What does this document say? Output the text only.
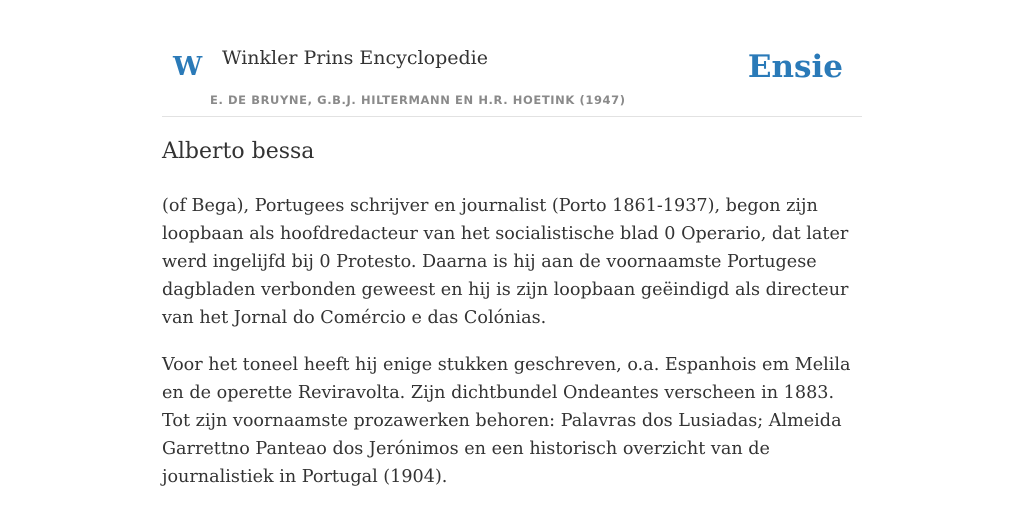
W Winkler Prins Encyclopedie
E. DE BRUYNE, G.B.J. HILTERMANN EN H.R. HOETINK (1947)
Ensie
Alberto bessa

(of Bega), Portugees schrijver en journalist (Porto 1861-1937), begon zijn loopbaan als hoofdredacteur van het socialistische blad 0 Operario, dat later werd ingelijfd bij 0 Protesto. Daarna is hij aan de voornaamste Portugese dagbladen verbonden geweest en hij is zijn loopbaan geëindigd als directeur van het Jornal do Comércio e das Colónias.

Voor het toneel heeft hij enige stukken geschreven, o.a. Espanhois em Melila en de operette Reviravolta. Zijn dichtbundel Ondeantes verscheen in 1883. Tot zijn voornaamste prozawerken behoren: Palavras dos Lusiadas; Almeida Garrettno Panteao dos Jerónimos en een historisch overzicht van de journalistiek in Portugal (1904).
